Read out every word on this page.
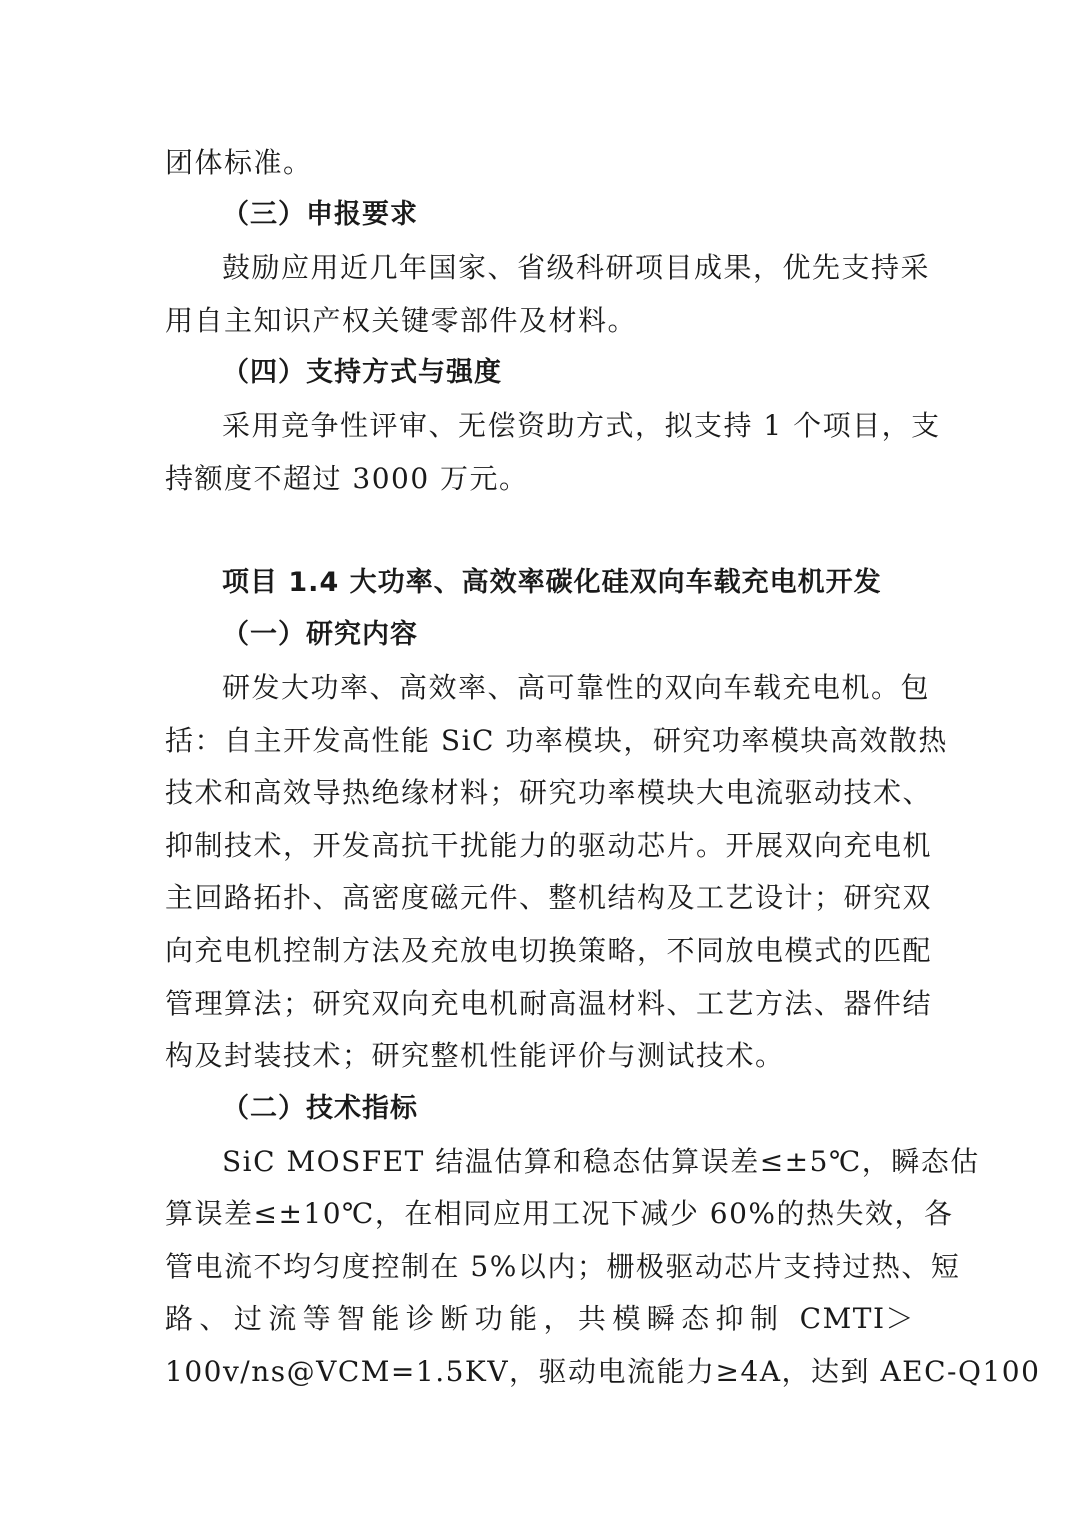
团体标准。
（三）申报要求
鼓励应用近几年国家、省级科研项目成果，优先支持采
用自主知识产权关键零部件及材料。
（四）支持方式与强度
采用竞争性评审、无偿资助方式，拟支持 1 个项目，支
持额度不超过 3000 万元。
项目 1.4 大功率、高效率碳化硅双向车载充电机开发
（一）研究内容
研发大功率、高效率、高可靠性的双向车载充电机。包
括：自主开发高性能 SiC 功率模块，研究功率模块高效散热
技术和高效导热绝缘材料；研究功率模块大电流驱动技术、
抑制技术，开发高抗干扰能力的驱动芯片。开展双向充电机
主回路拓扑、高密度磁元件、整机结构及工艺设计；研究双
向充电机控制方法及充放电切换策略，不同放电模式的匹配
管理算法；研究双向充电机耐高温材料、工艺方法、器件结
构及封装技术；研究整机性能评价与测试技术。
（二）技术指标
SiC MOSFET 结温估算和稳态估算误差≤±5℃，瞬态估
算误差≤±10℃，在相同应用工况下减少 60%的热失效，各
管电流不均匀度控制在 5%以内；栅极驱动芯片支持过热、短
路、过流等智能诊断功能，共模瞬态抑制 CMTI＞
100v/ns@VCM=1.5KV，驱动电流能力≥4A，达到 AEC-Q100
